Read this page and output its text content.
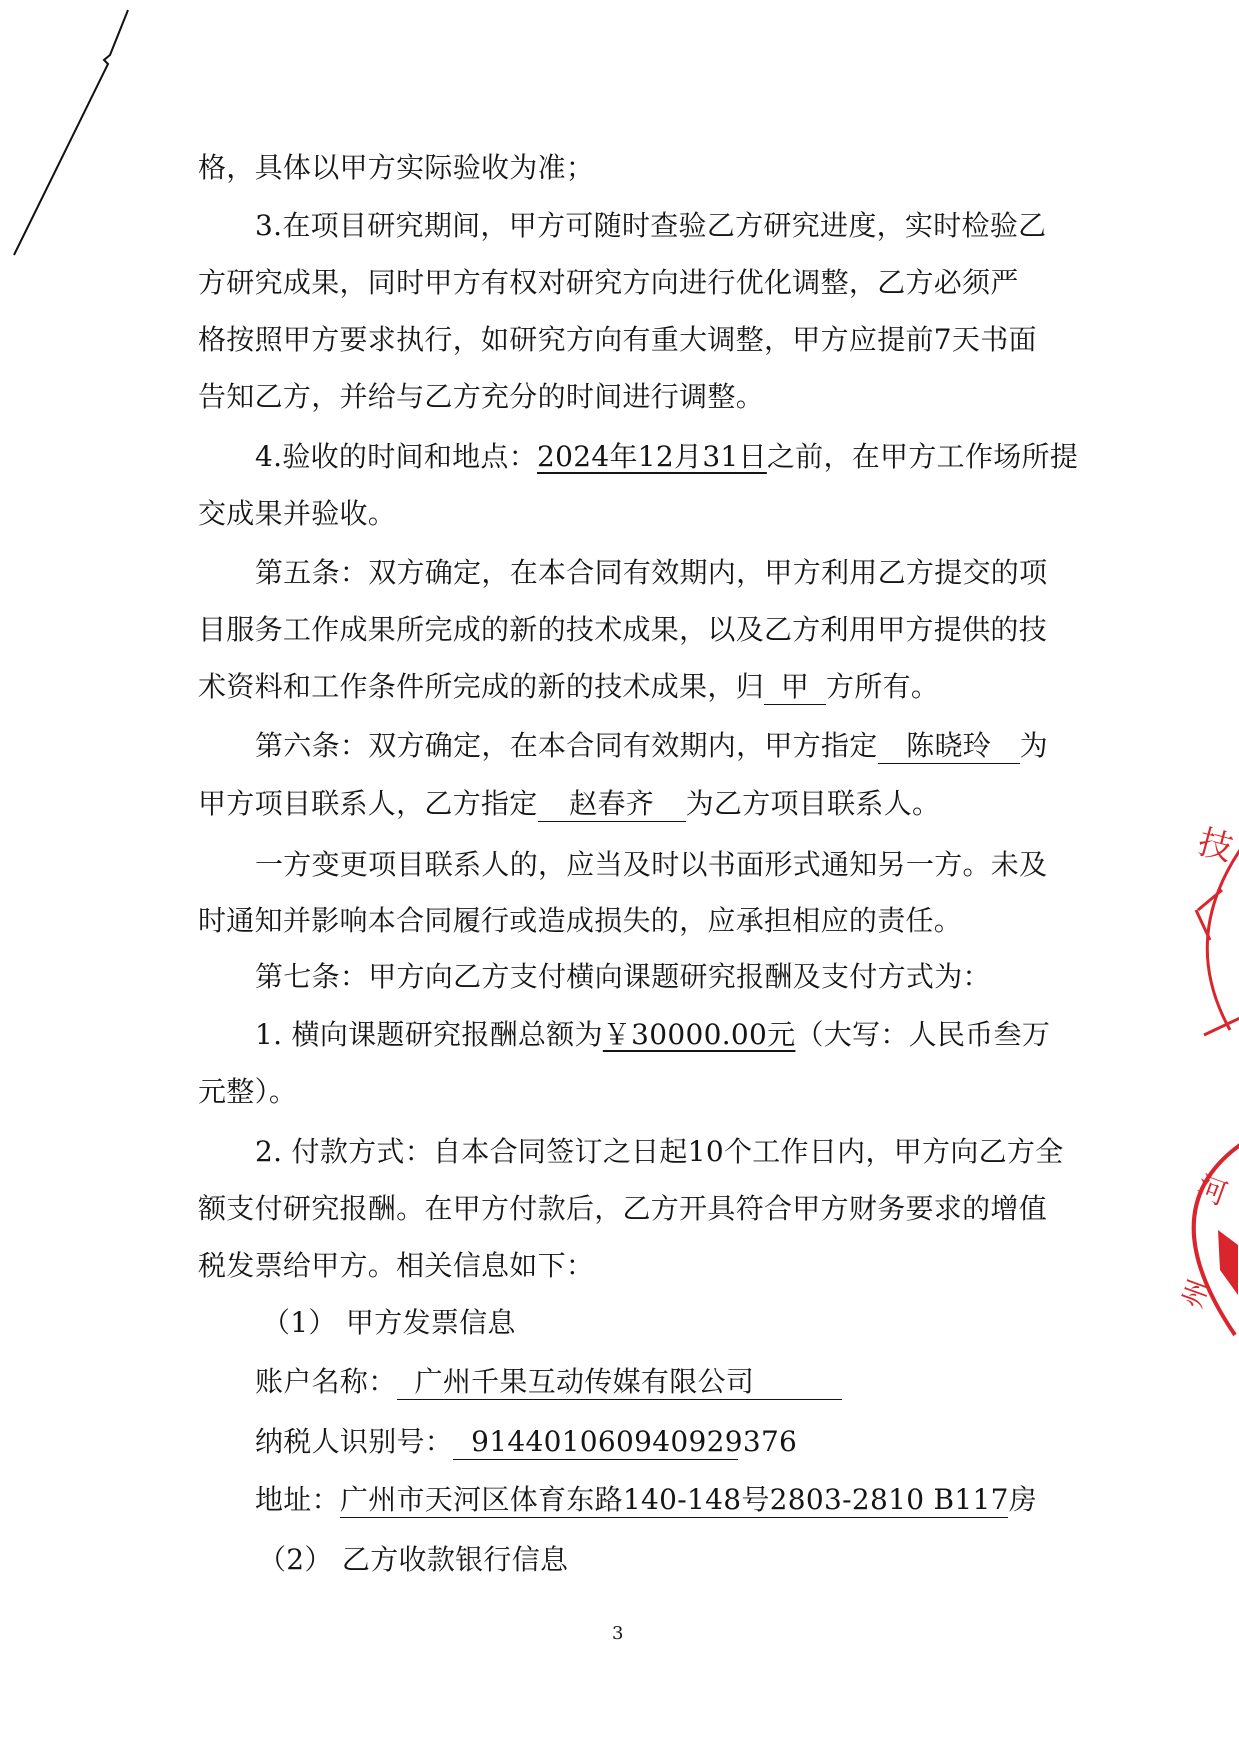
技
河
州

格，具体以甲方实际验收为准；

3.在项目研究期间，甲方可随时查验乙方研究进度，实时检验乙

方研究成果，同时甲方有权对研究方向进行优化调整，乙方必须严

格按照甲方要求执行，如研究方向有重大调整，甲方应提前7天书面

告知乙方，并给与乙方充分的时间进行调整。

4.验收的时间和地点：2024年12月31日之前，在甲方工作场所提

交成果并验收。

第五条：双方确定，在本合同有效期内，甲方利用乙方提交的项

目服务工作成果所完成的新的技术成果，以及乙方利用甲方提供的技

术资料和工作条件所完成的新的技术成果，归 甲 方所有。

第六条：双方确定，在本合同有效期内，甲方指定 陈晓玲 为

甲方项目联系人，乙方指定 赵春齐 为乙方项目联系人。

一方变更项目联系人的，应当及时以书面形式通知另一方。未及

时通知并影响本合同履行或造成损失的，应承担相应的责任。

第七条：甲方向乙方支付横向课题研究报酬及支付方式为：

1. 横向课题研究报酬总额为￥30000.00元（大写：人民币叁万

元整）。

2. 付款方式：自本合同签订之日起10个工作日内，甲方向乙方全

额支付研究报酬。在甲方付款后，乙方开具符合甲方财务要求的增值

税发票给甲方。相关信息如下：

（1） 甲方发票信息

账户名称： 广州千果互动传媒有限公司

纳税人识别号： 914401060940929376

地址：广州市天河区体育东路140-148号2803-2810 B117房

（2） 乙方收款银行信息

3
